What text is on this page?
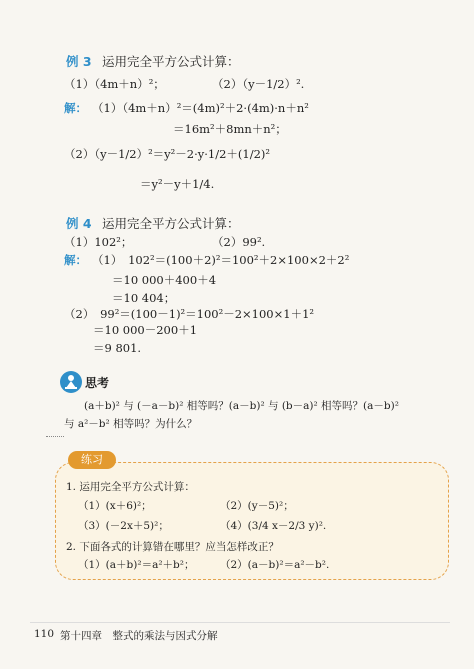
例 3 运用完全平方公式计算：
（1）（4m＋n）²；	（2）（y－1/2）².
解： （1）（4m＋n）²＝(4m)²＋2·(4m)·n＋n²
＝16m²＋8mn＋n²；
（2）（y－1/2）²＝y²－2·y·1/2＋(1/2)²
＝y²－y＋1/4.
例 4 运用完全平方公式计算：
（1）102²；	（2）99².
解： （1）　102²＝(100＋2)²＝100²＋2×100×2＋2²
＝10 000＋400＋4
＝10 404；
（2）　99²＝(100－1)²＝100²－2×100×1＋1²
＝10 000－200＋1
＝9 801.
思考
(a＋b)² 与 (－a－b)² 相等吗？(a－b)² 与 (b－a)² 相等吗？(a－b)²
与 a²－b² 相等吗？为什么？
练习
1. 运用完全平方公式计算：
（1）(x＋6)²；	（2）(y－5)²；
（3）(－2x＋5)²；	（4）(3/4 x－2/3 y)².
2. 下面各式的计算错在哪里？应当怎样改正？
（1）(a＋b)²＝a²＋b²； （2）(a－b)²＝a²－b².
110 第十四章　整式的乘法与因式分解
